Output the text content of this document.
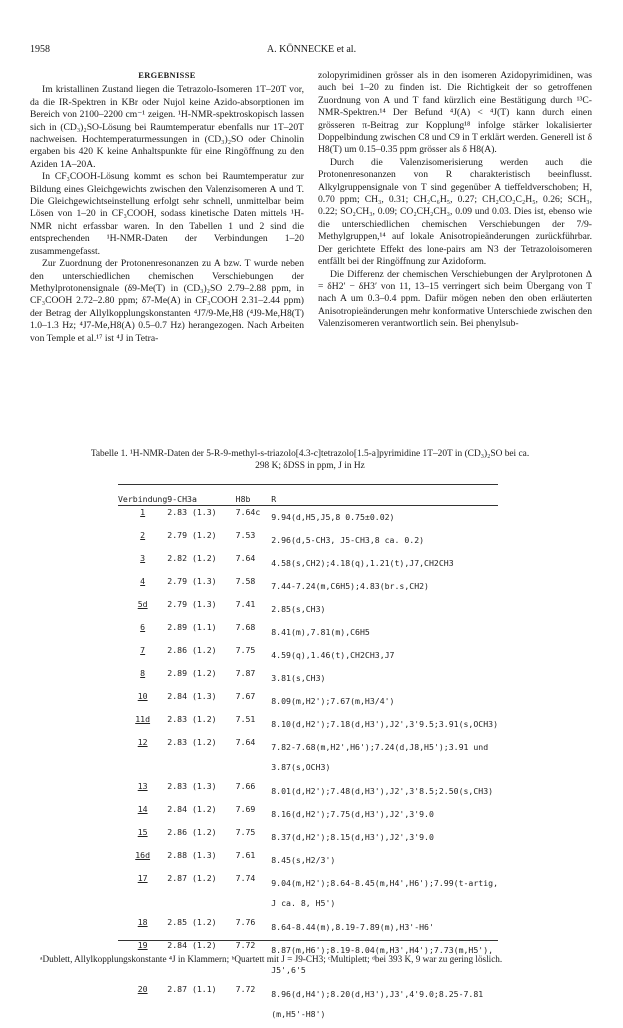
1958	A. KÖNNECKE et al.
ERGEBNISSE

Im kristallinen Zustand liegen die Tetrazolo-Isomeren 1T–20T vor, da die IR-Spektren in KBr oder Nujol keine Azido-absorptionen im Bereich von 2100–2200 cm⁻¹ zeigen. ¹H-NMR-spektroskopisch lassen sich in (CD₃)₂SO-Lösung bei Raumtemperatur ebenfalls nur 1T–20T nachweisen. Hochtemperaturmessungen in (CD₃)₂SO oder Chinolin ergaben bis 420 K keine Anhaltspunkte für eine Ringöffnung zu den Aziden 1A–20A.

In CF₃COOH-Lösung kommt es schon bei Raumtemperatur zur Bildung eines Gleichgewichts zwischen den Valenzisomeren A und T. Die Gleichgewichtseinstellung erfolgt sehr schnell, unmittelbar beim Lösen von 1–20 in CF₃COOH, sodass kinetische Daten mittels ¹H-NMR nicht erfassbar waren. In den Tabellen 1 und 2 sind die entsprechenden ¹H-NMR-Daten der Verbindungen 1–20 zusammengefasst.

Zur Zuordnung der Protonenresonanzen zu A bzw. T wurde neben den unterschiedlichen chemischen Verschiebungen der Methylprotonensignale (δ9-Me(T) in (CD₃)₂SO 2.79–2.88 ppm, in CF₃COOH 2.72–2.80 ppm; δ7-Me(A) in CF₃COOH 2.31–2.44 ppm) der Betrag der Allylkopplungskonstanten ⁴J7/9-Me,H8 (⁴J9-Me,H8(T) 1.0–1.3 Hz; ⁴J7-Me,H8(A) 0.5–0.7 Hz) herangezogen. Nach Arbeiten von Temple et al.¹⁷ ist ⁴J in Tetra-

zolopyrimidinen grösser als in den isomeren Azidopyrimidinen, was auch bei 1–20 zu finden ist. Die Richtigkeit der so getroffenen Zuordnung von A und T fand kürzlich eine Bestätigung durch ¹³C-NMR-Spektren.¹⁴ Der Befund ⁴J(A) < ⁴J(T) kann durch einen grösseren π-Beitrag zur Kopplung¹⁸ infolge stärker lokalisierter Doppelbindung zwischen C8 und C9 in T erklärt werden. Generell ist δ H8(T) um 0.15–0.35 ppm grösser als δ H8(A).

Durch die Valenzisomerisierung werden auch die Protonenresonanzen von R charakteristisch beeinflusst. Alkylgruppensignale von T sind gegenüber A tieffeldverschoben; H, 0.70 ppm; CH₃, 0.31; CH₂C₆H₅, 0.27; CH₂CO₂C₂H₅, 0.26; SCH₃, 0.22; SO₂CH₃, 0.09; CO₂CH₂CH₃, 0.09 und 0.03. Dies ist, ebenso wie die unterschiedlichen chemischen Verschiebungen der 7/9-Methylgruppen,¹⁴ auf lokale Anisotropieänderungen zurückführbar. Der gerichtete Effekt des lone-pairs am N3 der Tetrazoloisomeren entfällt bei der Ringöffnung zur Azidoform.

Die Differenz der chemischen Verschiebungen der Arylprotonen Δ = δH2′ − δH3′ von 11, 13–15 verringert sich beim Übergang von T nach A um 0.3–0.4 ppm. Dafür mögen neben den oben erläuterten Anisotropieänderungen mehr konformative Unterschiede zwischen den Valenzisomeren verantwortlich sein. Bei phenylsub-

Tabelle 1. ¹H-NMR-Daten der 5-R-9-methyl-s-triazolo[4.3-c]tetrazolo[1.5-a]pyrimidine 1T–20T in (CD₃)₂SO bei ca.
298 K; δDSS in ppm, J in Hz
Verbindung	9-CH3a	H8b	R
1	2.83 (1.3)	7.64c	9.94(d,H5,J5,8 0.75±0.02)
2	2.79 (1.2)	7.53	2.96(d,5-CH3, J5-CH3,8 ca. 0.2)
3	2.82 (1.2)	7.64	4.58(s,CH2);4.18(q),1.21(t),J7,CH2CH3
4	2.79 (1.3)	7.58	7.44-7.24(m,C6H5);4.83(br.s,CH2)
5d	2.79 (1.3)	7.41	2.85(s,CH3)
6	2.89 (1.1)	7.68	8.41(m),7.81(m),C6H5
7	2.86 (1.2)	7.75	4.59(q),1.46(t),CH2CH3,J7
8	2.89 (1.2)	7.87	3.81(s,CH3)
10	2.84 (1.3)	7.67	8.09(m,H2');7.67(m,H3/4')
11d	2.83 (1.2)	7.51	8.10(d,H2');7.18(d,H3'),J2',3'9.5;3.91(s,OCH3)
12	2.83 (1.2)	7.64	7.82-7.68(m,H2',H6');7.24(d,J8,H5');3.91 und 3.87(s,OCH3)
13	2.83 (1.3)	7.66	8.01(d,H2');7.48(d,H3'),J2',3'8.5;2.50(s,CH3)
14	2.84 (1.2)	7.69	8.16(d,H2');7.75(d,H3'),J2',3'9.0
15	2.86 (1.2)	7.75	8.37(d,H2');8.15(d,H3'),J2',3'9.0
16d	2.88 (1.3)	7.61	8.45(s,H2/3')
17	2.87 (1.2)	7.74	9.04(m,H2');8.64-8.45(m,H4',H6');7.99(t-artig, J ca. 8, H5')
18	2.85 (1.2)	7.76	8.64-8.44(m),8.19-7.89(m),H3'-H6'
19	2.84 (1.2)	7.72	8.87(m,H6');8.19-8.04(m,H3',H4');7.73(m,H5'), J5',6'5
20	2.87 (1.1)	7.72	8.96(d,H4');8.20(d,H3'),J3',4'9.0;8.25-7.81 (m,H5'-H8')

ᵃDublett, Allylkopplungskonstante ⁴J in Klammern; ᵇQuartett mit J = J9-CH3; ᶜMultiplett; ᵈbei 393 K, 9 war zu gering löslich.
